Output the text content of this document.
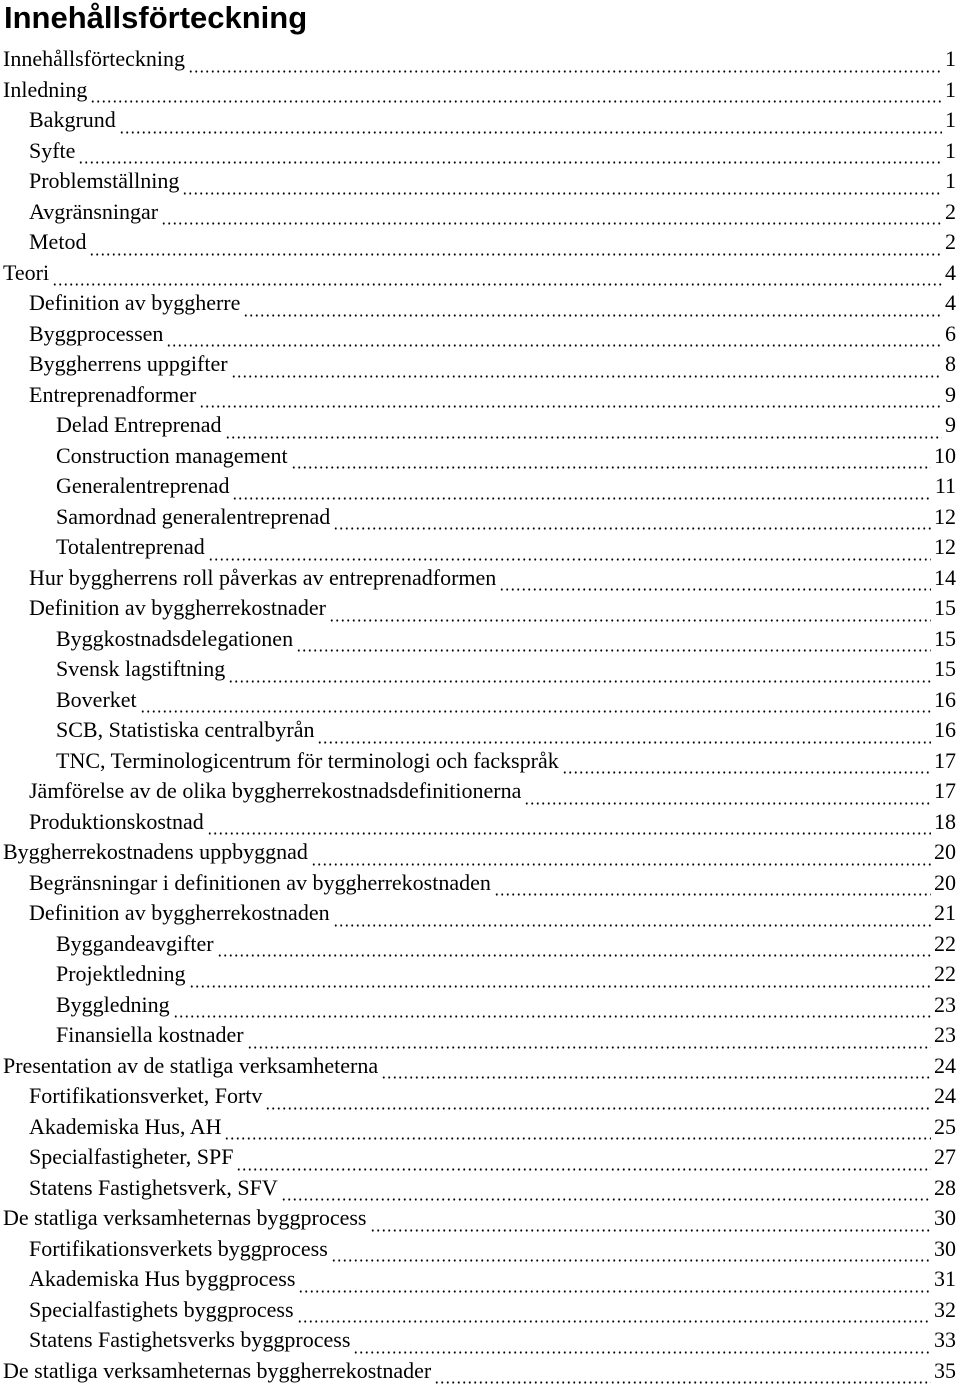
Innehållsförteckning
Innehållsförteckning	1
Inledning	1
Bakgrund	1
Syfte	1
Problemställning	1
Avgränsningar	2
Metod	2
Teori	4
Definition av byggherre	4
Byggprocessen	6
Byggherrens uppgifter	8
Entreprenadformer	9
Delad Entreprenad	9
Construction management	10
Generalentreprenad	11
Samordnad generalentreprenad	12
Totalentreprenad	12
Hur byggherrens roll påverkas av entreprenadformen	14
Definition av byggherrekostnader	15
Byggkostnadsdelegationen	15
Svensk lagstiftning	15
Boverket	16
SCB, Statistiska centralbyrån	16
TNC, Terminologicentrum för terminologi och fackspråk	17
Jämförelse av de olika byggherrekostnadsdefinitionerna	17
Produktionskostnad	18
Byggherrekostnadens uppbyggnad	20
Begränsningar i definitionen av byggherrekostnaden	20
Definition av byggherrekostnaden	21
Byggandeavgifter	22
Projektledning	22
Byggledning	23
Finansiella kostnader	23
Presentation av de statliga verksamheterna	24
Fortifikationsverket, Fortv	24
Akademiska Hus, AH	25
Specialfastigheter, SPF	27
Statens Fastighetsverk, SFV	28
De statliga verksamheternas byggprocess	30
Fortifikationsverkets byggprocess	30
Akademiska Hus byggprocess	31
Specialfastighets byggprocess	32
Statens Fastighetsverks byggprocess	33
De statliga verksamheternas byggherrekostnader	35
